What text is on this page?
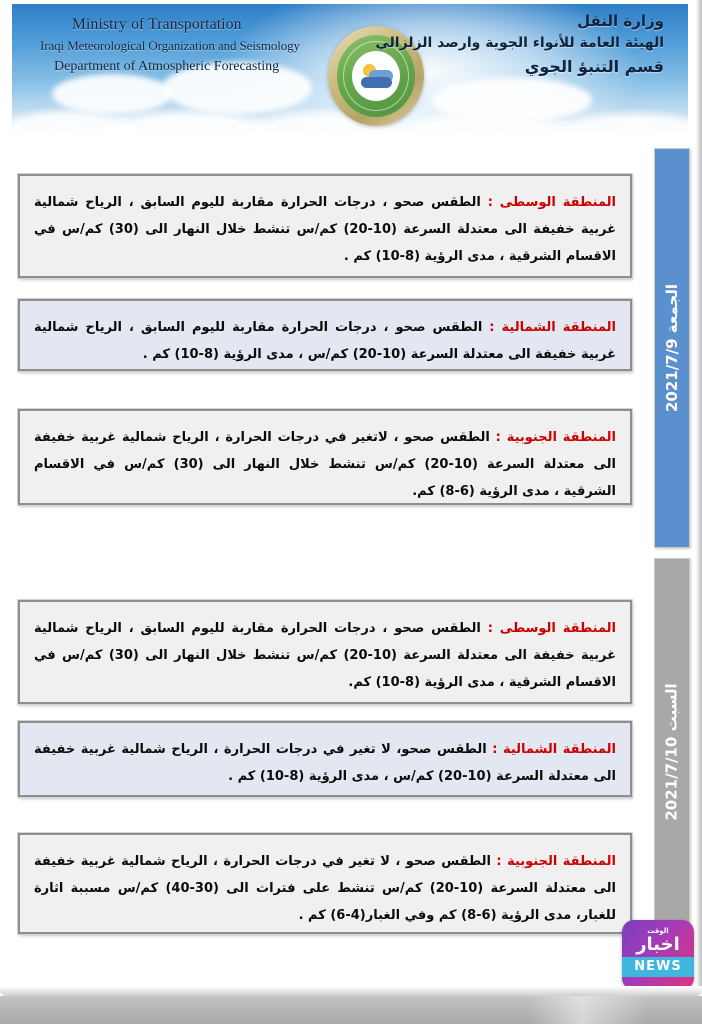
Ministry of Transportation
Iraqi Meteorological Organization and Seismology
Department of Atmospheric Forecasting
وزارة النقل
الهيئة العامة للأنواء الجوية وارصد الزلزالي
قسم التنبؤ الجوي
الجمعة 2021/7/9
المنطقة الوسطى : الطقس صحو ، درجات الحرارة مقاربة لليوم السابق ، الرياح شمالية غربية خفيفة الى معتدلة السرعة (10-20) كم/س تنشط خلال النهار الى (30) كم/س في الاقسام الشرقية ، مدى الرؤية (8-10) كم .
المنطقة الشمالية : الطقس صحو ، درجات الحرارة مقاربة لليوم السابق ، الرياح شمالية غربية خفيفة الى معتدلة السرعة (10-20) كم/س ، مدى الرؤية (8-10) كم .
المنطقة الجنوبية : الطقس صحو ، لاتغير في درجات الحرارة ، الرياح شمالية غربية خفيفة الى معتدلة السرعة (10-20) كم/س تنشط خلال النهار الى (30) كم/س في الاقسام الشرقية ، مدى الرؤية (6-8) كم.
السبت 2021/7/10
المنطقة الوسطى : الطقس صحو ، درجات الحرارة مقاربة لليوم السابق ، الرياح شمالية غربية خفيفة الى معتدلة السرعة (10-20) كم/س تنشط خلال النهار الى (30) كم/س في الاقسام الشرقية ، مدى الرؤية (8-10) كم.
المنطقة الشمالية : الطقس صحو، لا تغير في درجات الحرارة ، الرياح شمالية غربية خفيفة الى معتدلة السرعة (10-20) كم/س ، مدى الرؤية (8-10) كم .
المنطقة الجنوبية : الطقس صحو ، لا تغير في درجات الحرارة ، الرياح شمالية غربية خفيفة الى معتدلة السرعة (10-20) كم/س تنشط على فترات الى (30-40) كم/س مسببة اثارة للغبار، مدى الرؤية (6-8) كم وفي الغبار(4-6) كم .
الوقت
اخبار
NEWS
